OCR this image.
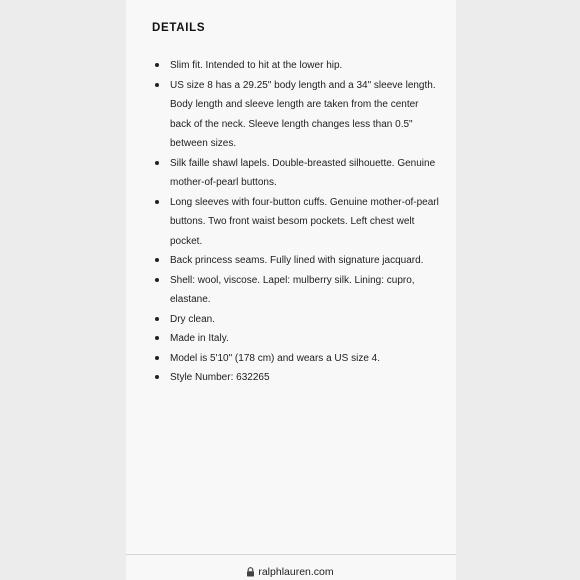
DETAILS
Slim fit. Intended to hit at the lower hip.
US size 8 has a 29.25" body length and a 34" sleeve length. Body length and sleeve length are taken from the center back of the neck. Sleeve length changes less than 0.5" between sizes.
Silk faille shawl lapels. Double-breasted silhouette. Genuine mother-of-pearl buttons.
Long sleeves with four-button cuffs. Genuine mother-of-pearl buttons. Two front waist besom pockets. Left chest welt pocket.
Back princess seams. Fully lined with signature jacquard.
Shell: wool, viscose. Lapel: mulberry silk. Lining: cupro, elastane.
Dry clean.
Made in Italy.
Model is 5'10" (178 cm) and wears a US size 4.
Style Number: 632265
ralphlauren.com
